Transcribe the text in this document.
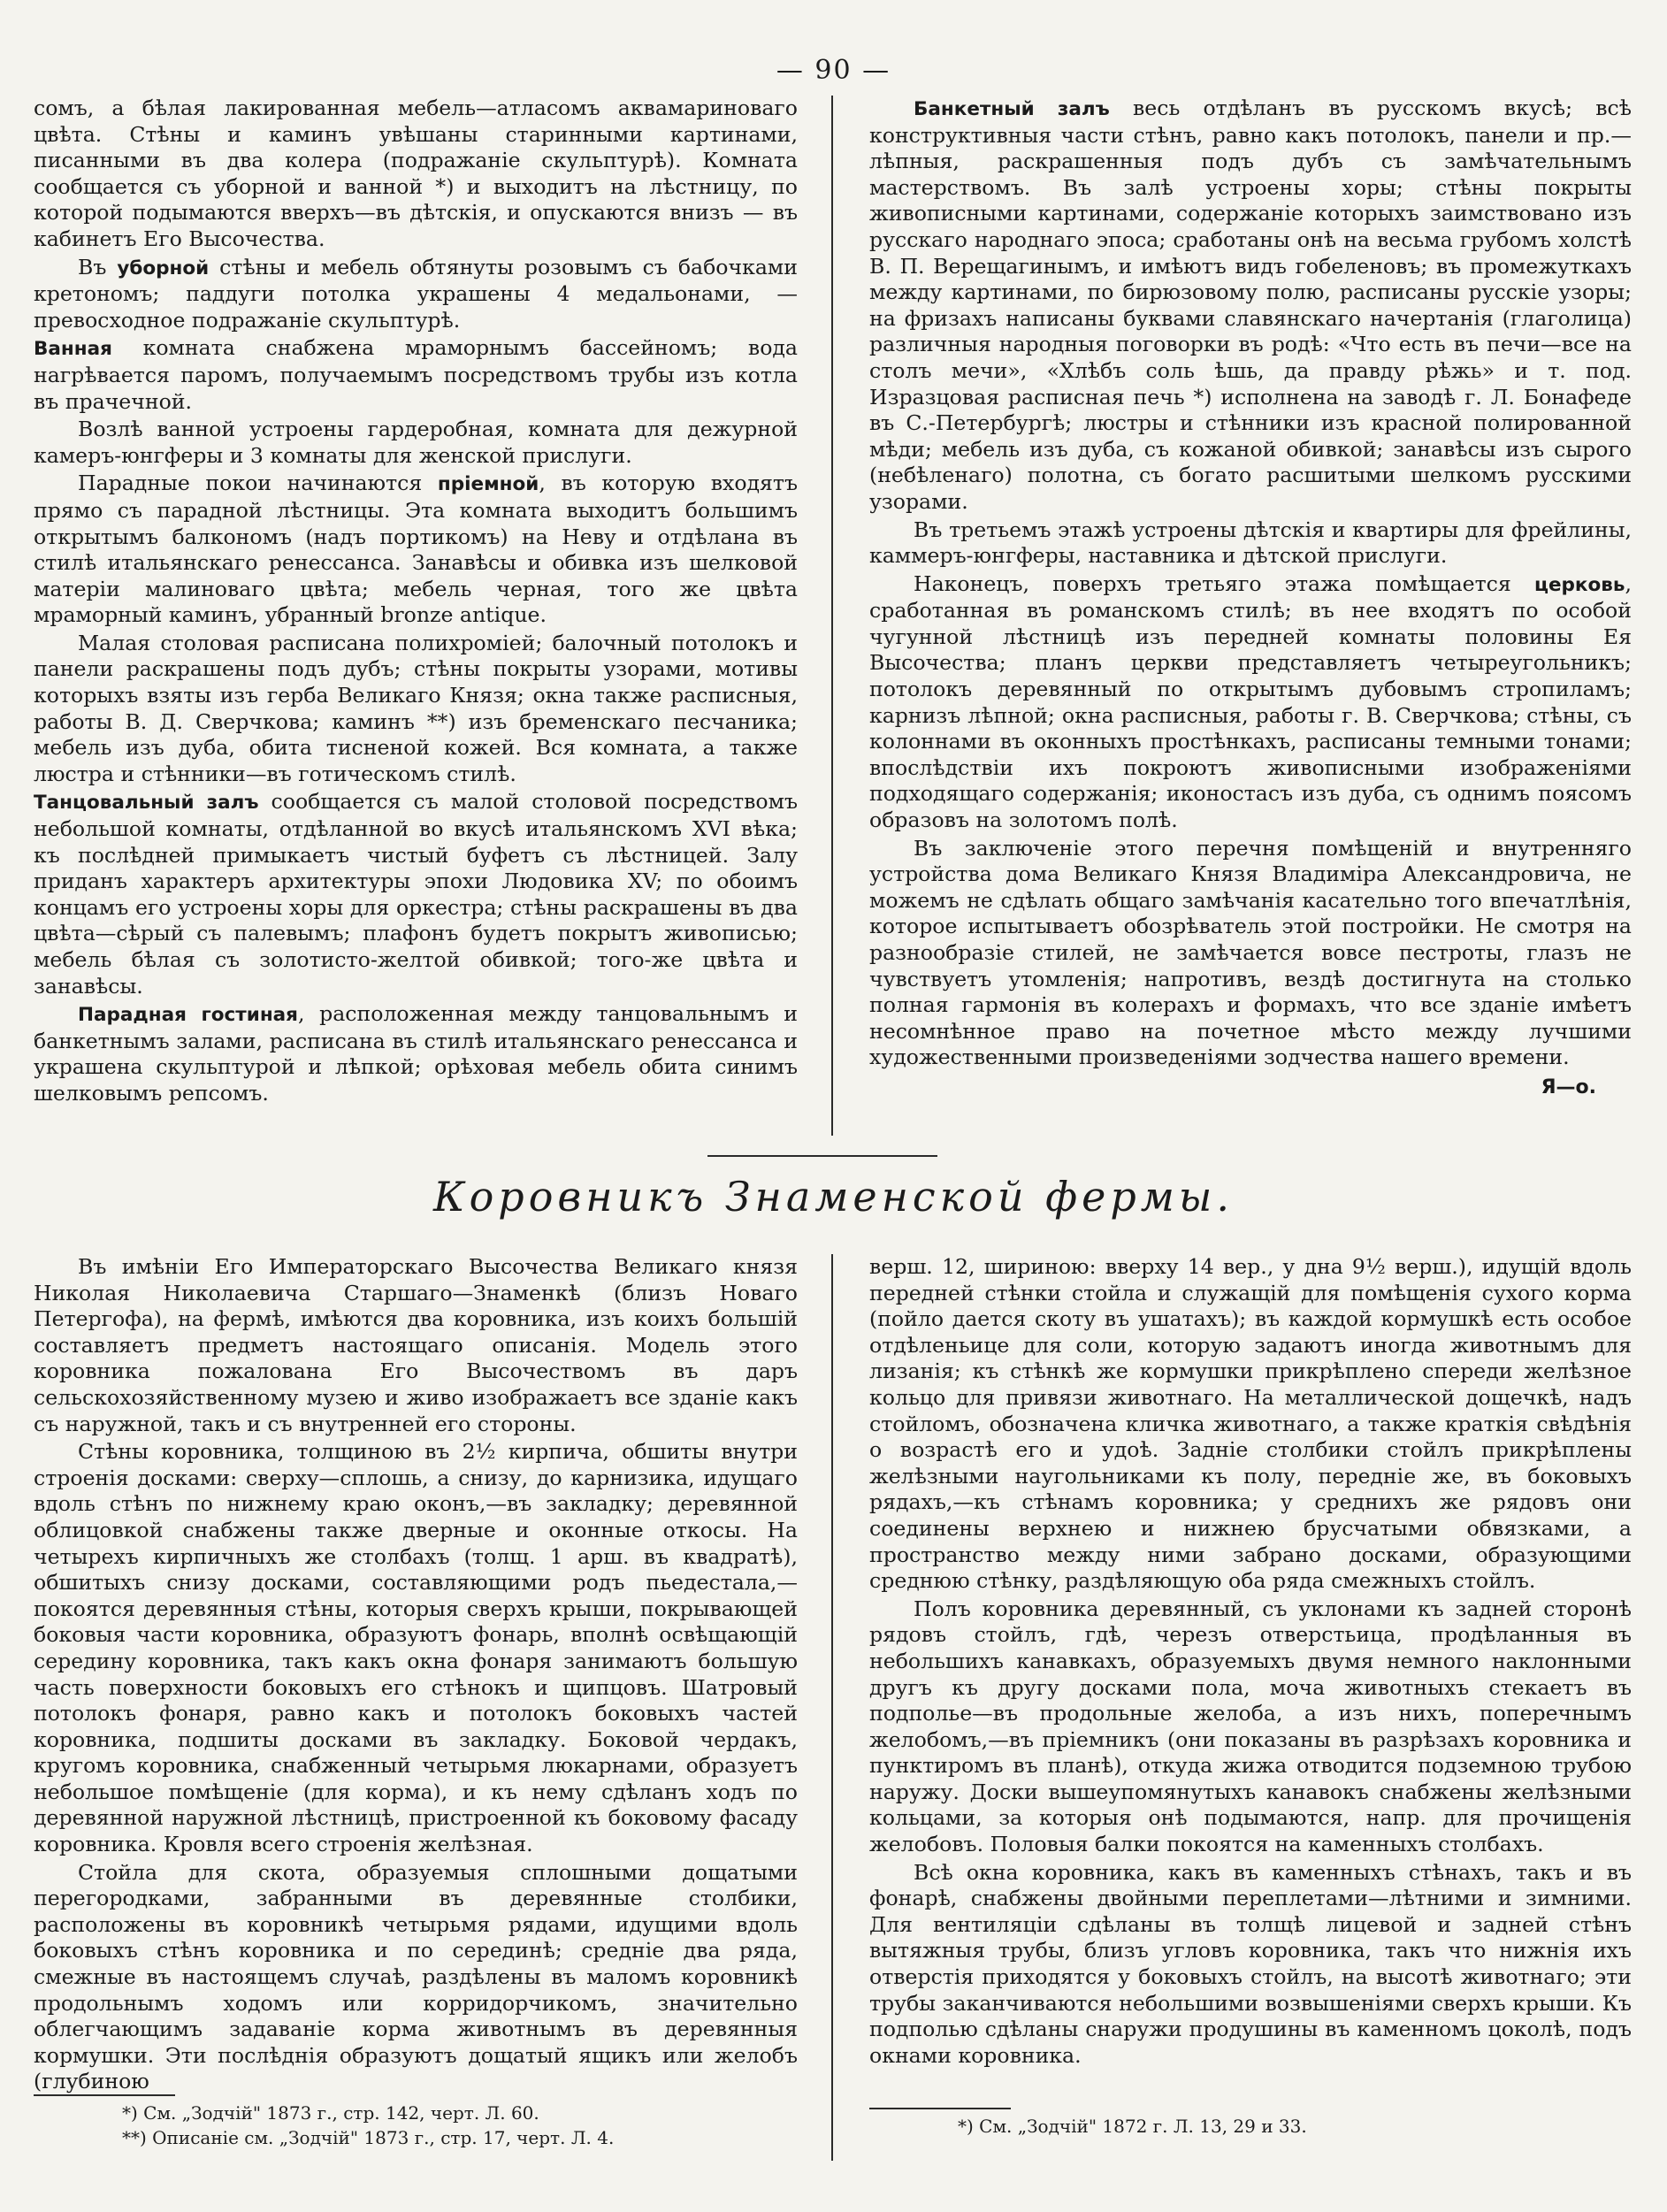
— 90 —

сомъ, а бѣлая лакированная мебель—атласомъ аквамариноваго цвѣта. Стѣны и каминъ увѣшаны старинными картинами, писанными въ два колера (подражаніе скульптурѣ). Комната сообщается съ уборной и ванной *) и выходитъ на лѣстницу, по которой подымаются вверхъ—въ дѣтскія, и опускаются внизъ — въ кабинетъ Его Высочества.

Въ уборной стѣны и мебель обтянуты розовымъ съ бабочками кретономъ; паддуги потолка украшены 4 медальонами, — превосходное подражаніе скульптурѣ.

Ванная комната снабжена мраморнымъ бассейномъ; вода нагрѣвается паромъ, получаемымъ посредствомъ трубы изъ котла въ прачечной.

Возлѣ ванной устроены гардеробная, комната для дежурной камеръ-юнгферы и 3 комнаты для женской прислуги.

Парадные покои начинаются пріемной, въ которую входятъ прямо съ парадной лѣстницы. Эта комната выходитъ большимъ открытымъ балкономъ (надъ портикомъ) на Неву и отдѣлана въ стилѣ итальянскаго ренессанса. Занавѣсы и обивка изъ шелковой матеріи малиноваго цвѣта; мебель черная, того же цвѣта мраморный каминъ, убранный bronze antique.

Малая столовая расписана полихроміей; балочный потолокъ и панели раскрашены подъ дубъ; стѣны покрыты узорами, мотивы которыхъ взяты изъ герба Великаго Князя; окна также расписныя, работы В. Д. Сверчкова; каминъ **) изъ бременскаго песчаника; мебель изъ дуба, обита тисненой кожей. Вся комната, а также люстра и стѣнники—въ готическомъ стилѣ.

Танцовальный залъ сообщается съ малой столовой посредствомъ небольшой комнаты, отдѣланной во вкусѣ итальянскомъ XVI вѣка; къ послѣдней примыкаетъ чистый буфетъ съ лѣстницей. Залу приданъ характеръ архитектуры эпохи Людовика XV; по обоимъ концамъ его устроены хоры для оркестра; стѣны раскрашены въ два цвѣта—сѣрый съ палевымъ; плафонъ будетъ покрытъ живописью; мебель бѣлая съ золотисто-желтой обивкой; того-же цвѣта и занавѣсы.

Парадная гостиная, расположенная между танцовальнымъ и банкетнымъ залами, расписана въ стилѣ итальянскаго ренессанса и украшена скульптурой и лѣпкой; орѣховая мебель обита синимъ шелковымъ репсомъ.

Банкетный залъ весь отдѣланъ въ русскомъ вкусѣ; всѣ конструктивныя части стѣнъ, равно какъ потолокъ, панели и пр.— лѣпныя, раскрашенныя подъ дубъ съ замѣчательнымъ мастерствомъ. Въ залѣ устроены хоры; стѣны покрыты живописными картинами, содержаніе которыхъ заимствовано изъ русскаго народнаго эпоса; сработаны онѣ на весьма грубомъ холстѣ В. П. Верещагинымъ, и имѣютъ видъ гобеленовъ; въ промежуткахъ между картинами, по бирюзовому полю, расписаны русскіе узоры; на фризахъ написаны буквами славянскаго начертанія (глаголица) различныя народныя поговорки въ родѣ: «Что есть въ печи—все на столъ мечи», «Хлѣбъ соль ѣшь, да правду рѣжь» и т. под. Изразцовая расписная печь *) исполнена на заводѣ г. Л. Бонафеде въ С.-Петербургѣ; люстры и стѣнники изъ красной полированной мѣди; мебель изъ дуба, съ кожаной обивкой; занавѣсы изъ сырого (небѣленаго) полотна, съ богато расшитыми шелкомъ русскими узорами.

Въ третьемъ этажѣ устроены дѣтскія и квартиры для фрейлины, каммеръ-юнгферы, наставника и дѣтской прислуги.

Наконецъ, поверхъ третьяго этажа помѣщается церковь, сработанная въ романскомъ стилѣ; въ нее входятъ по особой чугунной лѣстницѣ изъ передней комнаты половины Ея Высочества; планъ церкви представляетъ четыреугольникъ; потолокъ деревянный по открытымъ дубовымъ стропиламъ; карнизъ лѣпной; окна расписныя, работы г. В. Сверчкова; стѣны, съ колоннами въ оконныхъ простѣнкахъ, расписаны темными тонами; впослѣдствіи ихъ покроютъ живописными изображеніями подходящаго содержанія; иконостасъ изъ дуба, съ однимъ поясомъ образовъ на золотомъ полѣ.

Въ заключеніе этого перечня помѣщеній и внутренняго устройства дома Великаго Князя Владиміра Александровича, не можемъ не сдѣлать общаго замѣчанія касательно того впечатлѣнія, которое испытываетъ обозрѣватель этой постройки. Не смотря на разнообразіе стилей, не замѣчается вовсе пестроты, глазъ не чувствуетъ утомленія; напротивъ, вездѣ достигнута на столько полная гармонія въ колерахъ и формахъ, что все зданіе имѣетъ несомнѣнное право на почетное мѣсто между лучшими художественными произведеніями зодчества нашего времени.

Я—о.
Коровникъ Знаменской фермы.

Въ имѣніи Его Императорскаго Высочества Великаго князя Николая Николаевича Старшаго—Знаменкѣ (близъ Новаго Петергофа), на фермѣ, имѣются два коровника, изъ коихъ большій составляетъ предметъ настоящаго описанія. Модель этого коровника пожалована Его Высочествомъ въ даръ сельскохозяйственному музею и живо изображаетъ все зданіе какъ съ наружной, такъ и съ внутренней его стороны.

Стѣны коровника, толщиною въ 2½ кирпича, обшиты внутри строенія досками: сверху—сплошь, а снизу, до карнизика, идущаго вдоль стѣнъ по нижнему краю оконъ,—въ закладку; деревянной облицовкой снабжены также дверные и оконные откосы. На четырехъ кирпичныхъ же столбахъ (толщ. 1 арш. въ квадратѣ), обшитыхъ снизу досками, составляющими родъ пьедестала,—покоятся деревянныя стѣны, которыя сверхъ крыши, покрывающей боковыя части коровника, образуютъ фонарь, вполнѣ освѣщающій середину коровника, такъ какъ окна фонаря занимаютъ большую часть поверхности боковыхъ его стѣнокъ и щипцовъ. Шатровый потолокъ фонаря, равно какъ и потолокъ боковыхъ частей коровника, подшиты досками въ закладку. Боковой чердакъ, кругомъ коровника, снабженный четырьмя люкарнами, образуетъ небольшое помѣщеніе (для корма), и къ нему сдѣланъ ходъ по деревянной наружной лѣстницѣ, пристроенной къ боковому фасаду коровника. Кровля всего строенія желѣзная.

Стойла для скота, образуемыя сплошными дощатыми перегородками, забранными въ деревянные столбики, расположены въ коровникѣ четырьмя рядами, идущими вдоль боковыхъ стѣнъ коровника и по серединѣ; средніе два ряда, смежные въ настоящемъ случаѣ, раздѣлены въ маломъ коровникѣ продольнымъ ходомъ или корридорчикомъ, значительно облегчающимъ задаваніе корма животнымъ въ деревянныя кормушки. Эти послѣднія образуютъ дощатый ящикъ или желобъ (глубиною

*) См. „Зодчій" 1873 г., стр. 142, черт. Л. 60.

**) Описаніе см. „Зодчій" 1873 г., стр. 17, черт. Л. 4.

верш. 12, шириною: вверху 14 вер., у дна 9½ верш.), идущій вдоль передней стѣнки стойла и служащій для помѣщенія сухого корма (пойло дается скоту въ ушатахъ); въ каждой кормушкѣ есть особое отдѣленьице для соли, которую задаютъ иногда животнымъ для лизанія; къ стѣнкѣ же кормушки прикрѣплено спереди желѣзное кольцо для привязи животнаго. На металлической дощечкѣ, надъ стойломъ, обозначена кличка животнаго, а также краткія свѣдѣнія о возрастѣ его и удоѣ. Задніе столбики стойлъ прикрѣплены желѣзными наугольниками къ полу, передніе же, въ боковыхъ рядахъ,—къ стѣнамъ коровника; у среднихъ же рядовъ они соединены верхнею и нижнею брусчатыми обвязками, а пространство между ними забрано досками, образующими среднюю стѣнку, раздѣляющую оба ряда смежныхъ стойлъ.

Полъ коровника деревянный, съ уклонами къ задней сторонѣ рядовъ стойлъ, гдѣ, черезъ отверстьица, продѣланныя въ небольшихъ канавкахъ, образуемыхъ двумя немного наклонными другъ къ другу досками пола, моча животныхъ стекаетъ въ подполье—въ продольные желоба, а изъ нихъ, поперечнымъ желобомъ,—въ пріемникъ (они показаны въ разрѣзахъ коровника и пунктиромъ въ планѣ), откуда жижа отводится подземною трубою наружу. Доски вышеупомянутыхъ канавокъ снабжены желѣзными кольцами, за которыя онѣ подымаются, напр. для прочищенія желобовъ. Половыя балки покоятся на каменныхъ столбахъ.

Всѣ окна коровника, какъ въ каменныхъ стѣнахъ, такъ и въ фонарѣ, снабжены двойными переплетами—лѣтними и зимними. Для вентиляціи сдѣланы въ толщѣ лицевой и задней стѣнъ вытяжныя трубы, близъ угловъ коровника, такъ что нижнія ихъ отверстія приходятся у боковыхъ стойлъ, на высотѣ животнаго; эти трубы заканчиваются небольшими возвышеніями сверхъ крыши. Къ подполью сдѣланы снаружи продушины въ каменномъ цоколѣ, подъ окнами коровника.

*) См. „Зодчій" 1872 г. Л. 13, 29 и 33.
